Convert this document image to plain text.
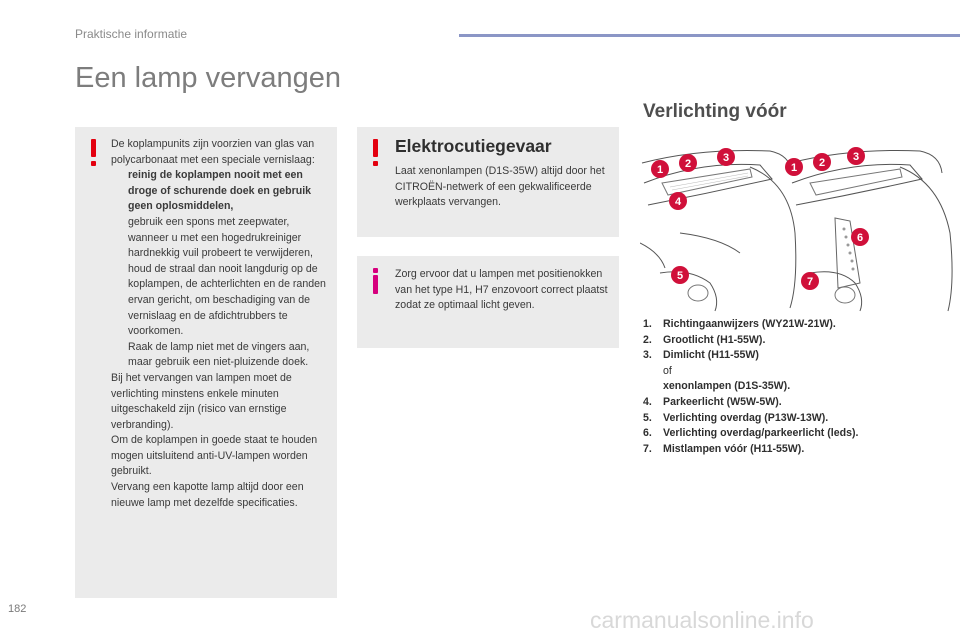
Praktische informatie
Een lamp vervangen

De koplampunits zijn voorzien van glas van polycarbonaat met een speciale vernislaag:

reinig de koplampen nooit met een droge of schurende doek en gebruik geen oplosmiddelen,
gebruik een spons met zeepwater,
wanneer u met een hogedrukreiniger hardnekkig vuil probeert te verwijderen, houd de straal dan nooit langdurig op de koplampen, de achterlichten en de randen ervan gericht, om beschadiging van de vernislaag en de afdichtrubbers te voorkomen.
Raak de lamp niet met de vingers aan, maar gebruik een niet-pluizende doek.

Bij het vervangen van lampen moet de verlichting minstens enkele minuten uitgeschakeld zijn (risico van ernstige verbranding).

Om de koplampen in goede staat te houden mogen uitsluitend anti-UV-lampen worden gebruikt.

Vervang een kapotte lamp altijd door een nieuwe lamp met dezelfde specificaties.

Elektrocutiegevaar
Laat xenonlampen (D1S-35W) altijd door het CITROËN-netwerk of een gekwalificeerde werkplaats vervangen.
Zorg ervoor dat u lampen met positienokken van het type H1, H7 enzovoort correct plaatst zodat ze optimaal licht geven.
Verlichting vóór
1 2	3
4
5
1 2	3
6
7
1. Richtingaanwijzers (WY21W-21W).
2. Grootlicht (H1-55W).
3. Dimlicht (H11-55W)
of
xenonlampen (D1S-35W).
4. Parkeerlicht (W5W-5W).
5. Verlichting overdag (P13W-13W).
6. Verlichting overdag/parkeerlicht (leds).
7. Mistlampen vóór (H11-55W).
182	carmanualsonline.info
